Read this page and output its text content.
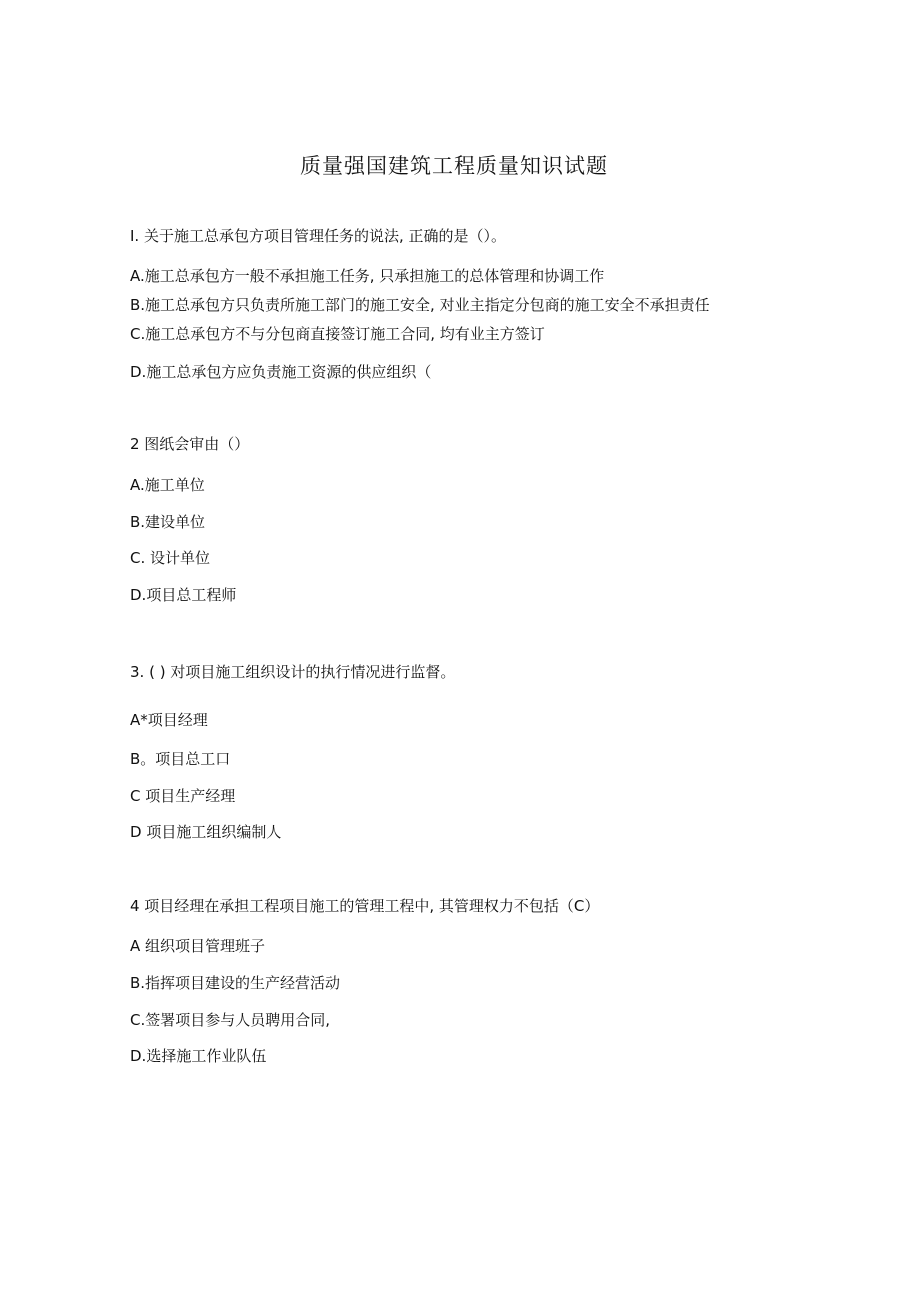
质量强国建筑工程质量知识试题
I. 关于施工总承包方项目管理任务的说法, 正确的是（）。
A.施工总承包方一般不承担施工任务, 只承担施工的总体管理和协调工作
B.施工总承包方只负责所施工部门的施工安全, 对业主指定分包商的施工安全不承担责任
C.施工总承包方不与分包商直接签订施工合同, 均有业主方签订
D.施工总承包方应负责施工资源的供应组织（
2 图纸会审由（）
A.施工单位
B.建设单位
C. 设计单位
D.项目总工程师
3. ( ) 对项目施工组织设计的执行情况进行监督。
A*项目经理
B。项目总工口
C 项目生产经理
D 项目施工组织编制人
4 项目经理在承担工程项目施工的管理工程中, 其管理权力不包括（C）
A 组织项目管理班子
B.指挥项目建设的生产经营活动
C.签署项目参与人员聘用合同,
D.选择施工作业队伍
